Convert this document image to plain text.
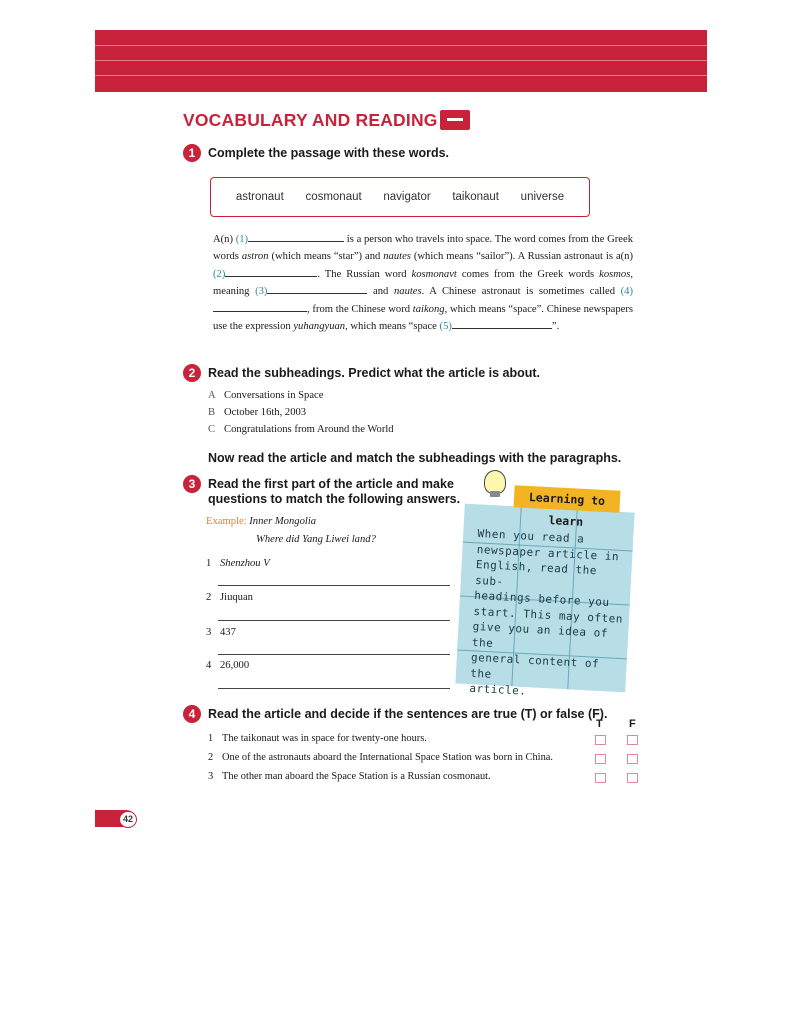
VOCABULARY AND READING
1	Complete the passage with these words.
astronaut cosmonaut navigator taikonaut universe
A(n) (1)	is a person who travels into space. The word comes from the Greek words astron (which means “star”) and nautes (which means “sailor”). A Russian astronaut is a(n) (2)	. The Russian word kosmonavt comes from the Greek words kosmos, meaning (3)	and nautes. A Chinese astronaut is sometimes called (4), from the Chinese word taikong, which means “space”. Chinese newspapers use the expression yuhangyuan, which means “space (5)	”.
2	Read the subheadings. Predict what the article is about.
A Conversations in Space
B October 16th, 2003
C Congratulations from Around the World
Now read the article and match the subheadings with the paragraphs.
3	Read the first part of the article and make
questions to match the following answers.
Example: Inner Mongolia
Where did Yang Liwei land?
1 Shenzhou V
2 Jiuquan
3 437
4 26,000
Learning to learn
When you read a
newspaper article in
English, read the sub-
headings before you
start. This may often
give you an idea of the
general content of the
article.
4	Read the article and decide if the sentences are true (T) or false (F).
T F
1 The taikonaut was in space for twenty-one hours.
2 One of the astronauts aboard the International Space Station was born in China.
3 The other man aboard the Space Station is a Russian cosmonaut.
42
